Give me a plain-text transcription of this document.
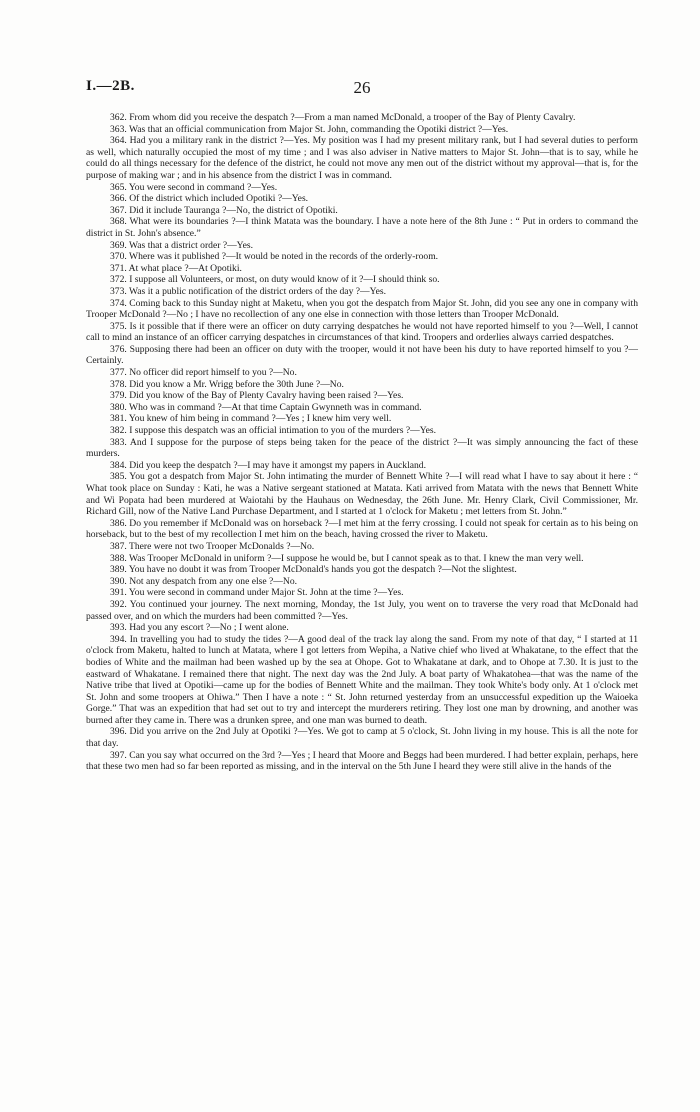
I.—2B.	26

362. From whom did you receive the despatch ?—From a man named McDonald, a trooper of the Bay of Plenty Cavalry.

363. Was that an official communication from Major St. John, commanding the Opotiki district ?—Yes.

364. Had you a military rank in the district ?—Yes. My position was I had my present military rank, but I had several duties to perform as well, which naturally occupied the most of my time ; and I was also adviser in Native matters to Major St. John—that is to say, while he could do all things necessary for the defence of the district, he could not move any men out of the district without my approval—that is, for the purpose of making war ; and in his absence from the district I was in command.

365. You were second in command ?—Yes.

366. Of the district which included Opotiki ?—Yes.

367. Did it include Tauranga ?—No, the district of Opotiki.

368. What were its boundaries ?—I think Matata was the boundary. I have a note here of the 8th June : “ Put in orders to command the district in St. John's absence.”

369. Was that a district order ?—Yes.

370. Where was it published ?—It would be noted in the records of the orderly-room.

371. At what place ?—At Opotiki.

372. I suppose all Volunteers, or most, on duty would know of it ?—I should think so.

373. Was it a public notification of the district orders of the day ?—Yes.

374. Coming back to this Sunday night at Maketu, when you got the despatch from Major St. John, did you see any one in company with Trooper McDonald ?—No ; I have no recollection of any one else in connection with those letters than Trooper McDonald.

375. Is it possible that if there were an officer on duty carrying despatches he would not have reported himself to you ?—Well, I cannot call to mind an instance of an officer carrying despatches in circumstances of that kind. Troopers and orderlies always carried despatches.

376. Supposing there had been an officer on duty with the trooper, would it not have been his duty to have reported himself to you ?—Certainly.

377. No officer did report himself to you ?—No.

378. Did you know a Mr. Wrigg before the 30th June ?—No.

379. Did you know of the Bay of Plenty Cavalry having been raised ?—Yes.

380. Who was in command ?—At that time Captain Gwynneth was in command.

381. You knew of him being in command ?—Yes ; I knew him very well.

382. I suppose this despatch was an official intimation to you of the murders ?—Yes.

383. And I suppose for the purpose of steps being taken for the peace of the district ?—It was simply announcing the fact of these murders.

384. Did you keep the despatch ?—I may have it amongst my papers in Auckland.

385. You got a despatch from Major St. John intimating the murder of Bennett White ?—I will read what I have to say about it here : “ What took place on Sunday : Kati, he was a Native sergeant stationed at Matata. Kati arrived from Matata with the news that Bennett White and Wi Popata had been murdered at Waiotahi by the Hauhaus on Wednesday, the 26th June. Mr. Henry Clark, Civil Commissioner, Mr. Richard Gill, now of the Native Land Purchase Department, and I started at 1 o'clock for Maketu ; met letters from St. John.”

386. Do you remember if McDonald was on horseback ?—I met him at the ferry crossing. I could not speak for certain as to his being on horseback, but to the best of my recollection I met him on the beach, having crossed the river to Maketu.

387. There were not two Trooper McDonalds ?—No.

388. Was Trooper McDonald in uniform ?—I suppose he would be, but I cannot speak as to that. I knew the man very well.

389. You have no doubt it was from Trooper McDonald's hands you got the despatch ?—Not the slightest.

390. Not any despatch from any one else ?—No.

391. You were second in command under Major St. John at the time ?—Yes.

392. You continued your journey. The next morning, Monday, the 1st July, you went on to traverse the very road that McDonald had passed over, and on which the murders had been committed ?—Yes.

393. Had you any escort ?—No ; I went alone.

394. In travelling you had to study the tides ?—A good deal of the track lay along the sand. From my note of that day, “ I started at 11 o'clock from Maketu, halted to lunch at Matata, where I got letters from Wepiha, a Native chief who lived at Whakatane, to the effect that the bodies of White and the mailman had been washed up by the sea at Ohope. Got to Whakatane at dark, and to Ohope at 7.30. It is just to the eastward of Whakatane. I remained there that night. The next day was the 2nd July. A boat party of Whakatohea—that was the name of the Native tribe that lived at Opotiki—came up for the bodies of Bennett White and the mailman. They took White's body only. At 1 o'clock met St. John and some troopers at Ohiwa.” Then I have a note : “ St. John returned yesterday from an unsuccessful expedition up the Waioeka Gorge.” That was an expedition that had set out to try and intercept the murderers retiring. They lost one man by drowning, and another was burned after they came in. There was a drunken spree, and one man was burned to death.

396. Did you arrive on the 2nd July at Opotiki ?—Yes. We got to camp at 5 o'clock, St. John living in my house. This is all the note for that day.

397. Can you say what occurred on the 3rd ?—Yes ; I heard that Moore and Beggs had been murdered. I had better explain, perhaps, here that these two men had so far been reported as missing, and in the interval on the 5th June I heard they were still alive in the hands of the
